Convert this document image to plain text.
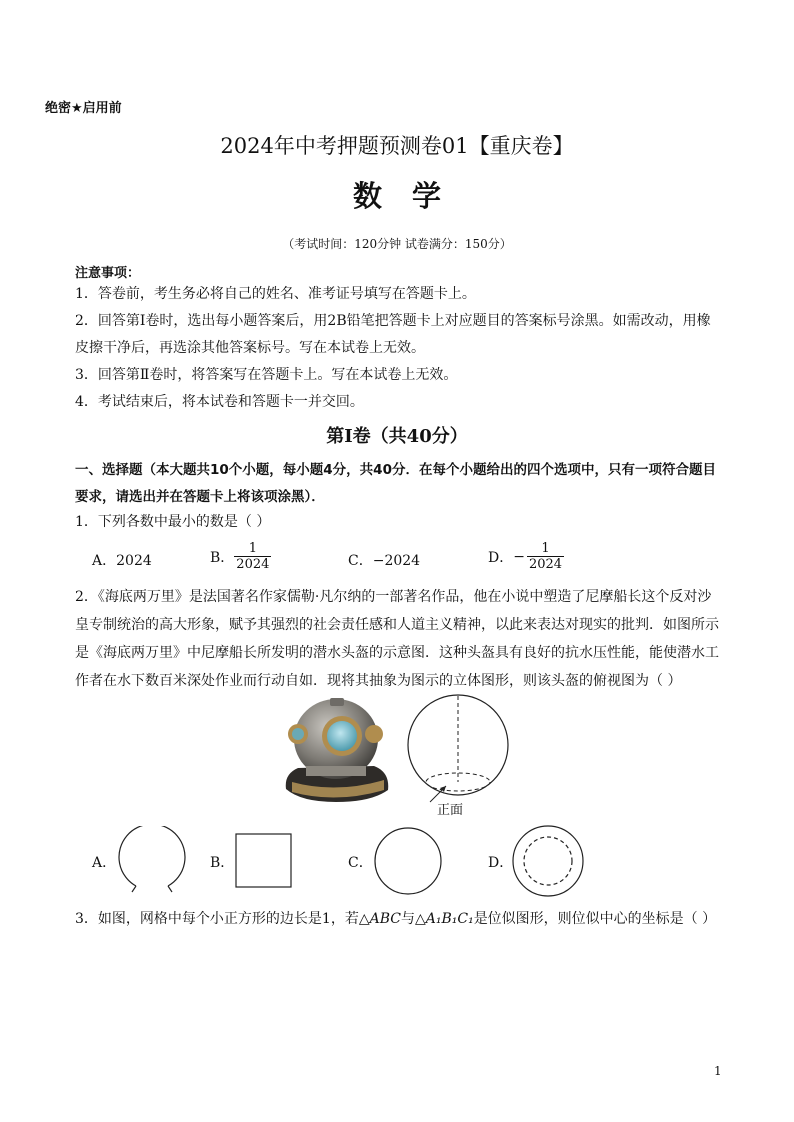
绝密★启用前
2024年中考押题预测卷01【重庆卷】
数学
（考试时间：120分钟 试卷满分：150分）
注意事项：
1．答卷前，考生务必将自己的姓名、准考证号填写在答题卡上。
2．回答第Ⅰ卷时，选出每小题答案后，用2B铅笔把答题卡上对应题目的答案标号涂黑。如需改动，用橡皮擦干净后，再选涂其他答案标号。写在本试卷上无效。
3．回答第Ⅱ卷时，将答案写在答题卡上。写在本试卷上无效。
4．考试结束后，将本试卷和答题卡一并交回。
第Ⅰ卷（共40分）
一、选择题（本大题共10个小题，每小题4分，共40分．在每个小题给出的四个选项中，只有一项符合题目要求，请选出并在答题卡上将该项涂黑）．
1．下列各数中最小的数是（ ）
A．2024	B． $\frac{1}{2024}$	C．−2024	D． − $\frac{1}{2024}$
2．《海底两万里》是法国著名作家儒勒·凡尔纳的一部著名作品，他在小说中塑造了尼摩船长这个反对沙皇专制统治的高大形象，赋予其强烈的社会责任感和人道主义精神，以此来表达对现实的批判．如图所示是《海底两万里》中尼摩船长所发明的潜水头盔的示意图．这种头盔具有良好的抗水压性能，能使潜水工作者在水下数百米深处作业而行动自如．现将其抽象为图示的立体图形，则该头盔的俯视图为（ ）
正面
A．	B．	C．	D．
3．如图，网格中每个小正方形的边长是1，若△ABC与△A₁B₁C₁是位似图形，则位似中心的坐标是（ ）
1
